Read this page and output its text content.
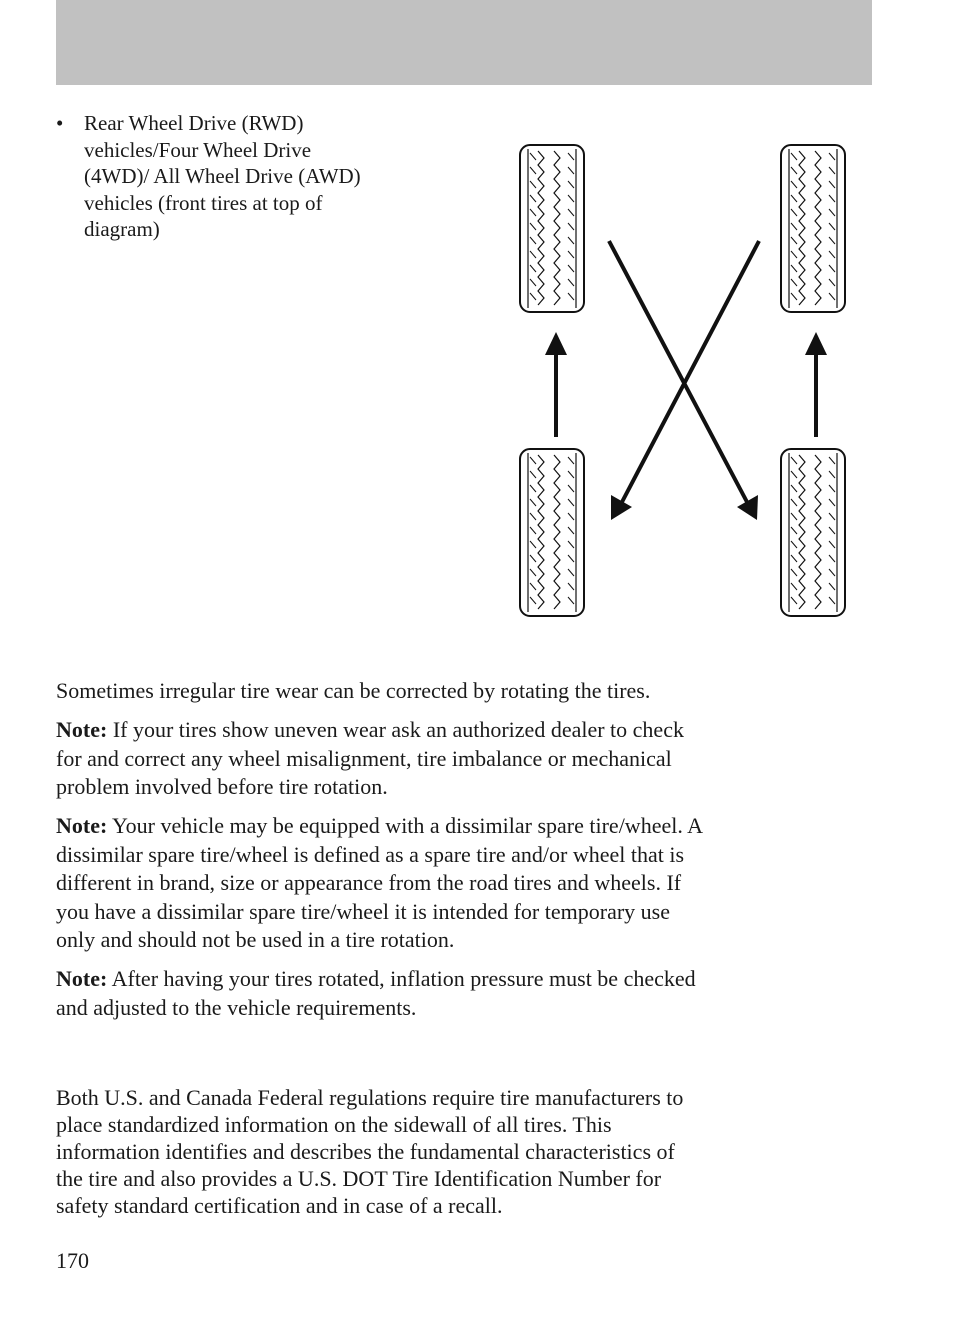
• Rear Wheel Drive (RWD)
vehicles/Four Wheel Drive
(4WD)/ All Wheel Drive (AWD)
vehicles (front tires at top of
diagram)
Sometimes irregular tire wear can be corrected by rotating the tires.
Note: If your tires show uneven wear ask an authorized dealer to check
for and correct any wheel misalignment, tire imbalance or mechanical
problem involved before tire rotation.
Note: Your vehicle may be equipped with a dissimilar spare tire/wheel. A
dissimilar spare tire/wheel is defined as a spare tire and/or wheel that is
different in brand, size or appearance from the road tires and wheels. If
you have a dissimilar spare tire/wheel it is intended for temporary use
only and should not be used in a tire rotation.
Note: After having your tires rotated, inflation pressure must be checked
and adjusted to the vehicle requirements.
Both U.S. and Canada Federal regulations require tire manufacturers to
place standardized information on the sidewall of all tires. This
information identifies and describes the fundamental characteristics of
the tire and also provides a U.S. DOT Tire Identification Number for
safety standard certification and in case of a recall.
170
